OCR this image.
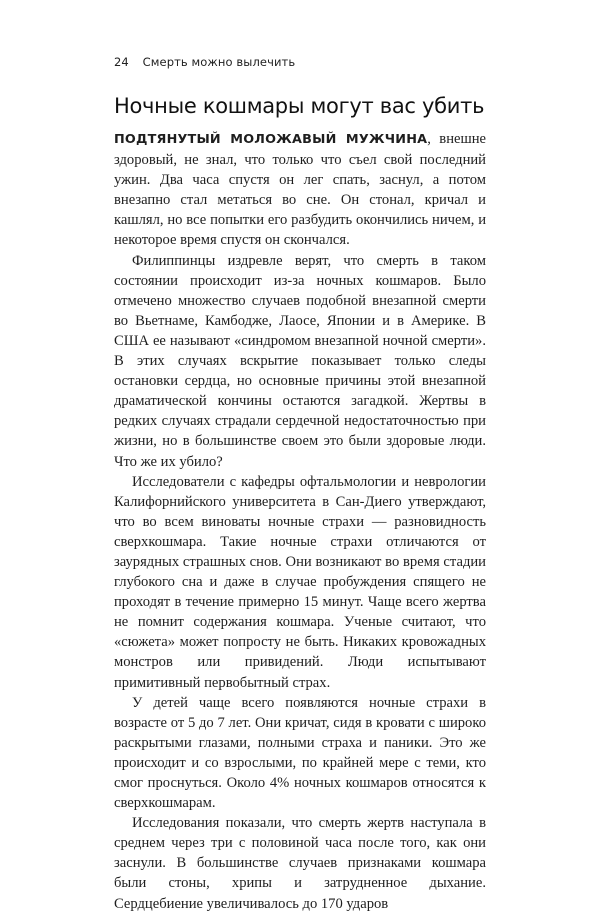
24 Смерть можно вылечить
Ночные кошмары могут вас убить

ПОДТЯНУТЫЙ МОЛОЖАВЫЙ МУЖЧИНА, внешне здоровый, не знал, что только что съел свой последний ужин. Два часа спустя он лег спать, заснул, а потом внезапно стал метаться во сне. Он стонал, кричал и кашлял, но все попытки его разбудить окончились ничем, и некоторое время спустя он скончался.

Филиппинцы издревле верят, что смерть в таком состоянии происходит из-за ночных кошмаров. Было отмечено множество случаев подобной внезапной смерти во Вьетнаме, Камбодже, Лаосе, Японии и в Америке. В США ее называют «синдромом внезапной ночной смерти». В этих случаях вскрытие показывает только следы остановки сердца, но основные причины этой внезапной драматической кончины остаются загадкой. Жертвы в редких случаях страдали сердечной недостаточностью при жизни, но в большинстве своем это были здоровые люди. Что же их убило?

Исследователи с кафедры офтальмологии и неврологии Калифорнийского университета в Сан-Диего утверждают, что во всем виноваты ночные страхи — разновидность сверхкошмара. Такие ночные страхи отличаются от заурядных страшных снов. Они возникают во время стадии глубокого сна и даже в случае пробуждения спящего не проходят в течение примерно 15 минут. Чаще всего жертва не помнит содержания кошмара. Ученые считают, что «сюжета» может попросту не быть. Никаких кровожадных монстров или привидений. Люди испытывают примитивный первобытный страх.

У детей чаще всего появляются ночные страхи в возрасте от 5 до 7 лет. Они кричат, сидя в кровати с широко раскрытыми глазами, полными страха и паники. Это же происходит и со взрослыми, по крайней мере с теми, кто смог проснуться. Около 4% ночных кошмаров относятся к сверхкошмарам.

Исследования показали, что смерть жертв наступала в среднем через три с половиной часа после того, как они заснули. В большинстве случаев признаками кошмара были стоны, хрипы и затрудненное дыхание. Сердцебиение увеличивалось до 170 ударов
